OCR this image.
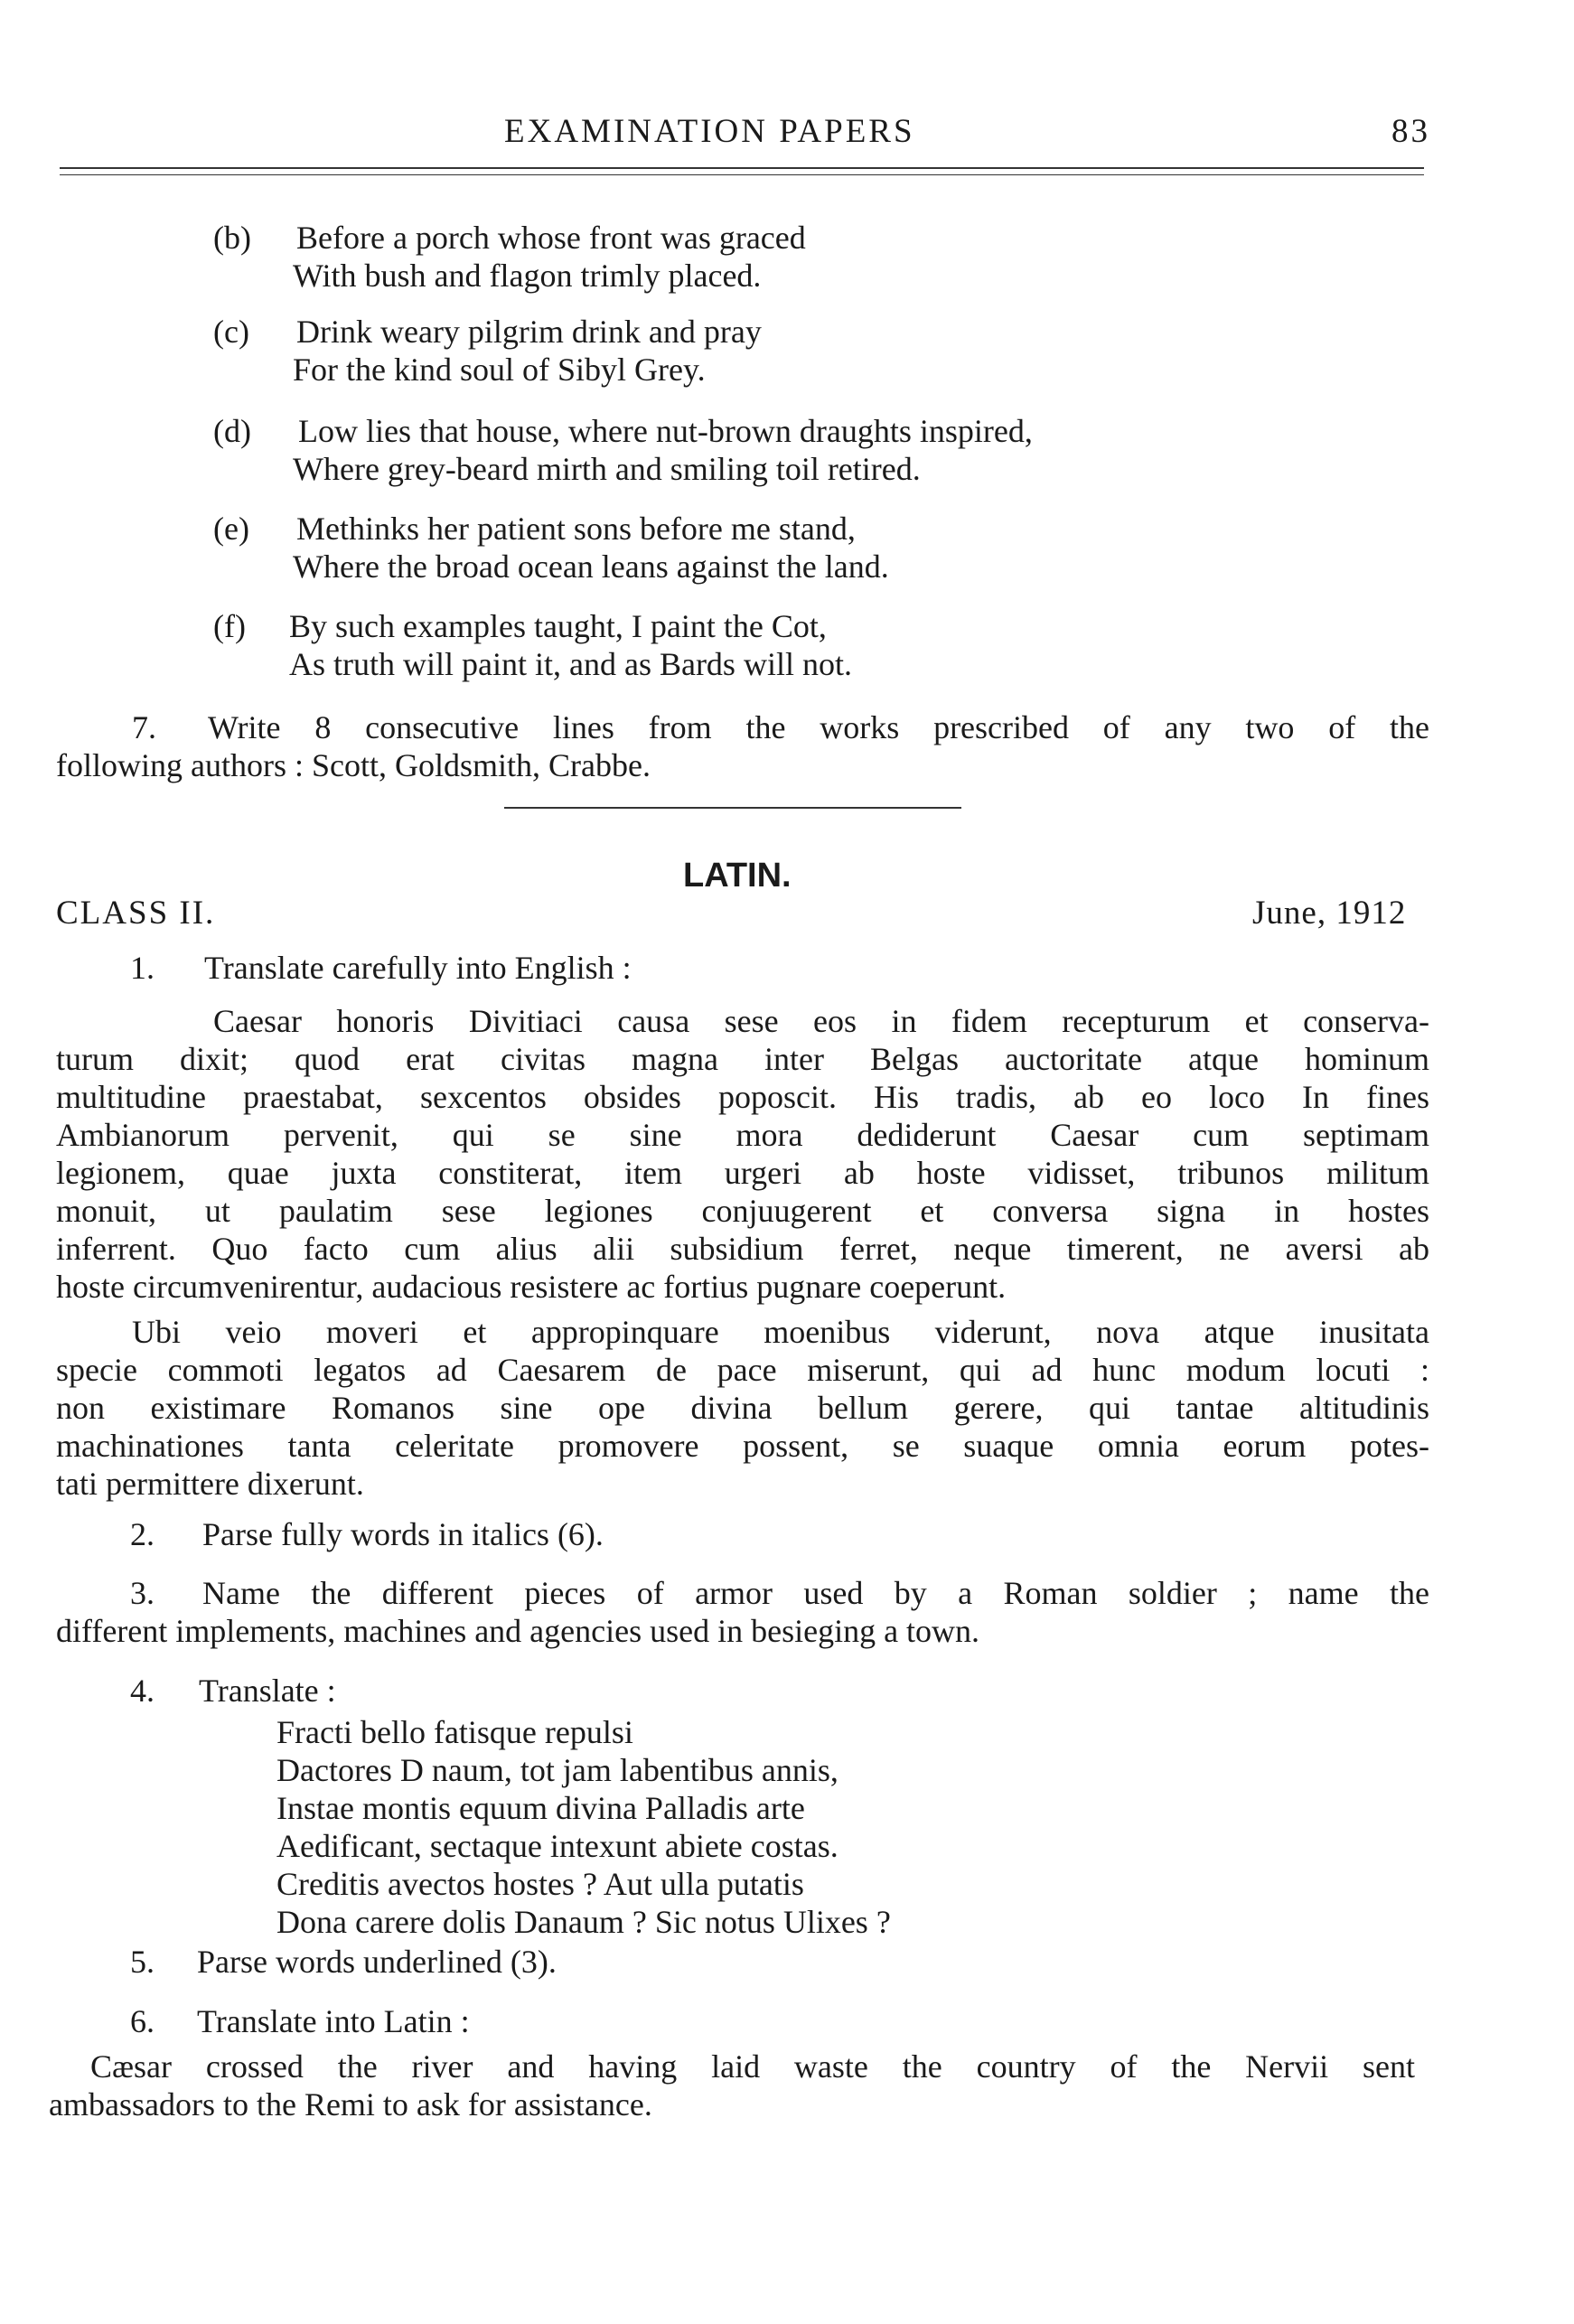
EXAMINATION PAPERS	83
(b) Before a porch whose front was graced
With bush and flagon trimly placed.
(c) Drink weary pilgrim drink and pray
For the kind soul of Sibyl Grey.
(d) Low lies that house, where nut-brown draughts inspired,
Where grey-beard mirth and smiling toil retired.
(e) Methinks her patient sons before me stand,
Where the broad ocean leans against the land.
(f) By such examples taught, I paint the Cot,
As truth will paint it, and as Bards will not.
7. Write 8 consecutive lines from the works prescribed of any two of the
following authors : Scott, Goldsmith, Crabbe.
LATIN.
CLASS II.	June, 1912
1. Translate carefully into English :
Caesar honoris Divitiaci causa sese eos in fidem recepturum et conserva-
turum dixit; quod erat civitas magna inter Belgas auctoritate atque hominum
multitudine praestabat, sexcentos obsides poposcit. His tradis, ab eo loco In fines
Ambianorum pervenit, qui se sine mora dediderunt Caesar cum septimam
legionem, quae juxta constiterat, item urgeri ab hoste vidisset, tribunos militum
monuit, ut paulatim sese legiones conjuugerent et conversa signa in hostes
inferrent. Quo facto cum alius alii subsidium ferret, neque timerent, ne aversi ab
hoste circumvenirentur, audacious resistere ac fortius pugnare coeperunt.
Ubi veio moveri et appropinquare moenibus viderunt, nova atque inusitata
specie commoti legatos ad Caesarem de pace miserunt, qui ad hunc modum locuti :
non existimare Romanos sine ope divina bellum gerere, qui tantae altitudinis
machinationes tanta celeritate promovere possent, se suaque omnia eorum potes-
tati permittere dixerunt.
2. Parse fully words in italics (6).
3. Name the different pieces of armor used by a Roman soldier ; name the
different implements, machines and agencies used in besieging a town.
4. Translate :
Fracti bello fatisque repulsi
Dactores D naum, tot jam labentibus annis,
Instae montis equum divina Palladis arte
Aedificant, sectaque intexunt abiete costas.
Creditis avectos hostes ? Aut ulla putatis
Dona carere dolis Danaum ? Sic notus Ulixes ?
5. Parse words underlined (3).
6. Translate into Latin :
Cæsar crossed the river and having laid waste the country of the Nervii sent
ambassadors to the Remi to ask for assistance.
